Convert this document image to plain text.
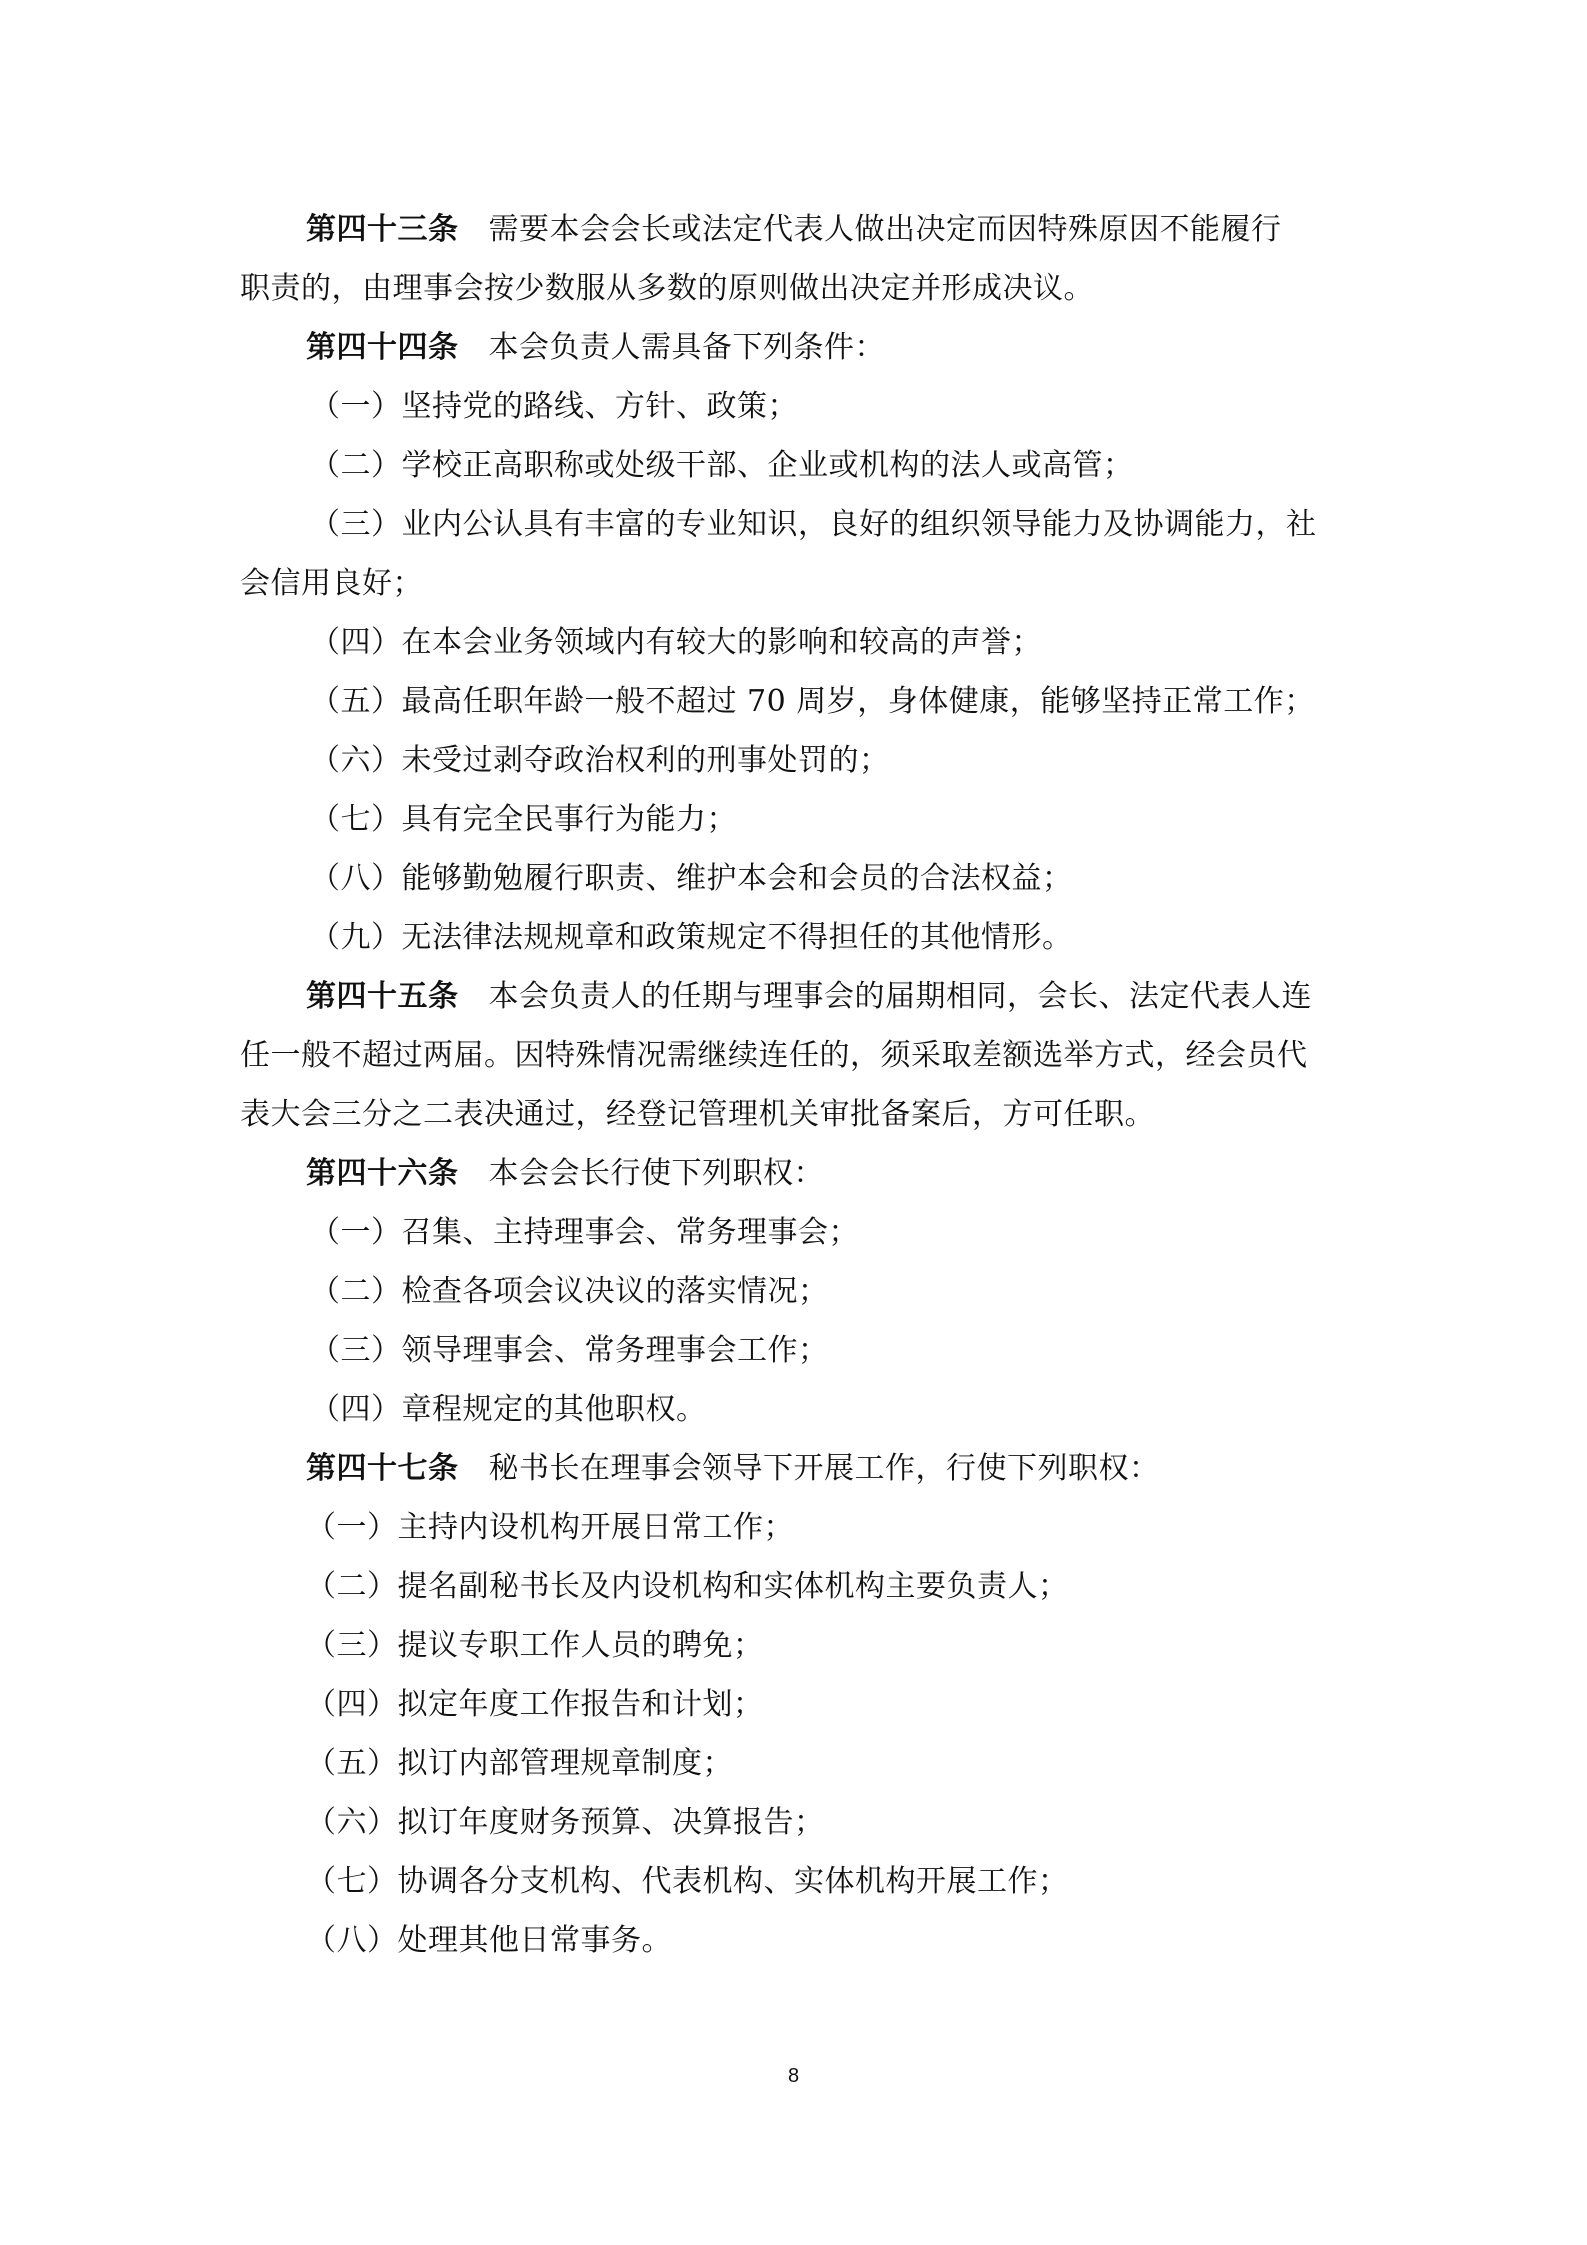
第四十三条 需要本会会长或法定代表人做出决定而因特殊原因不能履行

职责的，由理事会按少数服从多数的原则做出决定并形成决议。

第四十四条 本会负责人需具备下列条件：

（一）坚持党的路线、方针、政策；

（二）学校正高职称或处级干部、企业或机构的法人或高管；

（三）业内公认具有丰富的专业知识，良好的组织领导能力及协调能力，社

会信用良好；

（四）在本会业务领域内有较大的影响和较高的声誉；

（五）最高任职年龄一般不超过 70 周岁，身体健康，能够坚持正常工作；

（六）未受过剥夺政治权利的刑事处罚的；

（七）具有完全民事行为能力；

（八）能够勤勉履行职责、维护本会和会员的合法权益；

（九）无法律法规规章和政策规定不得担任的其他情形。

第四十五条 本会负责人的任期与理事会的届期相同，会长、法定代表人连

任一般不超过两届。因特殊情况需继续连任的，须采取差额选举方式，经会员代

表大会三分之二表决通过，经登记管理机关审批备案后，方可任职。

第四十六条 本会会长行使下列职权：

（一）召集、主持理事会、常务理事会；

（二）检查各项会议决议的落实情况；

（三）领导理事会、常务理事会工作；

（四）章程规定的其他职权。

第四十七条 秘书长在理事会领导下开展工作，行使下列职权：

（一）主持内设机构开展日常工作；

（二）提名副秘书长及内设机构和实体机构主要负责人；

（三）提议专职工作人员的聘免；

（四）拟定年度工作报告和计划；

（五）拟订内部管理规章制度；

（六）拟订年度财务预算、决算报告；

（七）协调各分支机构、代表机构、实体机构开展工作；

（八）处理其他日常事务。

8
